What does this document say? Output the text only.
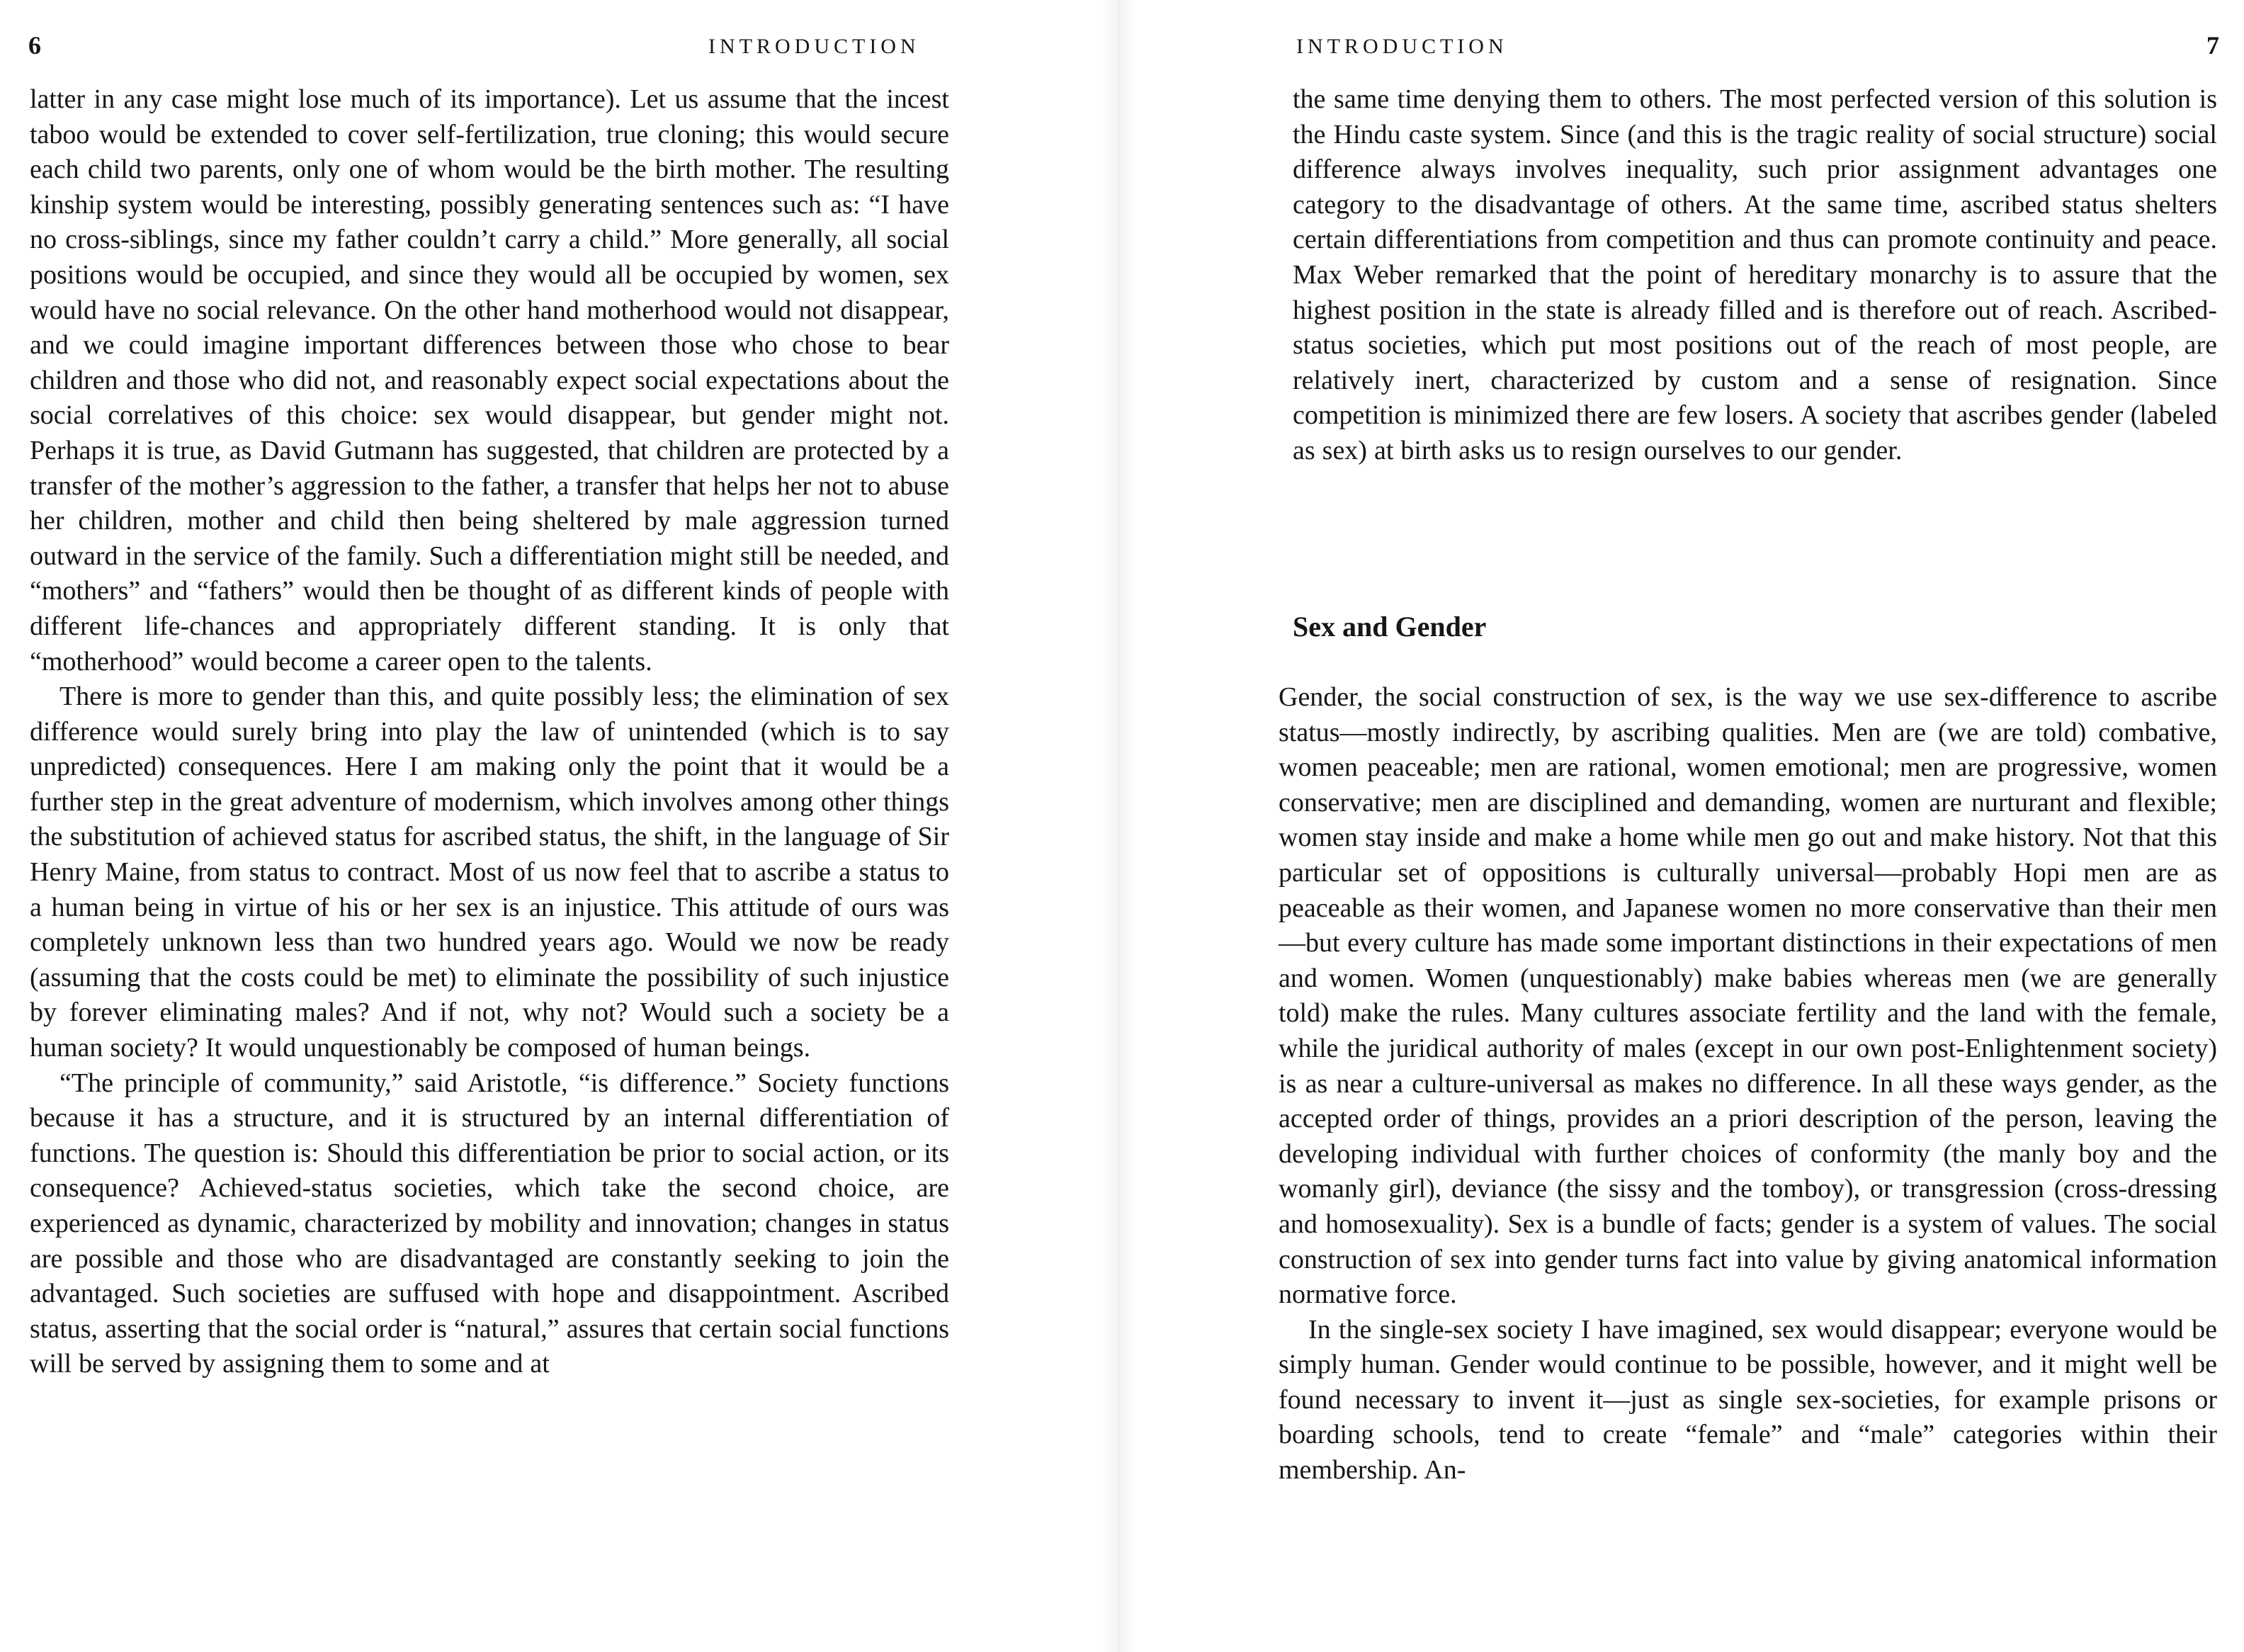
6	INTRODUCTION

latter in any case might lose much of its importance). Let us assume that the incest taboo would be extended to cover self-fertilization, true cloning; this would secure each child two parents, only one of whom would be the birth mother. The resulting kinship system would be interesting, possibly generating sentences such as: “I have no cross-siblings, since my father couldn’t carry a child.” More generally, all social positions would be occupied, and since they would all be occupied by women, sex would have no social relevance. On the other hand motherhood would not disappear, and we could imagine important differences between those who chose to bear children and those who did not, and reasonably expect social expectations about the social correlatives of this choice: sex would disappear, but gender might not. Perhaps it is true, as David Gutmann has suggested, that children are protected by a transfer of the mother’s aggression to the father, a transfer that helps her not to abuse her children, mother and child then being sheltered by male aggression turned outward in the service of the family. Such a differentiation might still be needed, and “mothers” and “fathers” would then be thought of as different kinds of people with different life-chances and appropriately different standing. It is only that “motherhood” would become a career open to the talents.

There is more to gender than this, and quite possibly less; the elimination of sex difference would surely bring into play the law of unintended (which is to say unpredicted) consequences. Here I am making only the point that it would be a further step in the great adventure of modernism, which involves among other things the substitution of achieved status for ascribed status, the shift, in the language of Sir Henry Maine, from status to contract. Most of us now feel that to ascribe a status to a human being in virtue of his or her sex is an injustice. This attitude of ours was completely unknown less than two hundred years ago. Would we now be ready (assuming that the costs could be met) to eliminate the possibility of such injustice by forever eliminating males? And if not, why not? Would such a society be a human society? It would unquestionably be composed of human beings.

“The principle of community,” said Aristotle, “is difference.” Society functions because it has a structure, and it is structured by an internal differentiation of functions. The question is: Should this differentiation be prior to social action, or its consequence? Achieved-status societies, which take the second choice, are experienced as dynamic, characterized by mobility and innovation; changes in status are possible and those who are disadvantaged are constantly seeking to join the advantaged. Such societies are suffused with hope and disappointment. Ascribed status, asserting that the social order is “natural,” assures that certain social functions will be served by assigning them to some and at

INTRODUCTION	7

the same time denying them to others. The most perfected version of this solution is the Hindu caste system. Since (and this is the tragic reality of social structure) social difference always involves inequality, such prior assignment advantages one category to the disadvantage of others. At the same time, ascribed status shelters certain differentiations from competition and thus can promote continuity and peace. Max Weber remarked that the point of hereditary monarchy is to assure that the highest position in the state is already filled and is therefore out of reach. Ascribed-status societies, which put most positions out of the reach of most people, are relatively inert, characterized by custom and a sense of resignation. Since competition is minimized there are few losers. A society that ascribes gender (labeled as sex) at birth asks us to resign ourselves to our gender.

Sex and Gender

Gender, the social construction of sex, is the way we use sex-difference to ascribe status—mostly indirectly, by ascribing qualities. Men are (we are told) combative, women peaceable; men are rational, women emotional; men are progressive, women conservative; men are disciplined and demanding, women are nurturant and flexible; women stay inside and make a home while men go out and make history. Not that this particular set of oppositions is culturally universal—probably Hopi men are as peaceable as their women, and Japanese women no more conservative than their men—but every culture has made some important distinctions in their expectations of men and women. Women (unquestionably) make babies whereas men (we are generally told) make the rules. Many cultures associate fertility and the land with the female, while the juridical authority of males (except in our own post-Enlightenment society) is as near a culture-universal as makes no difference. In all these ways gender, as the accepted order of things, provides an a priori description of the person, leaving the developing individual with further choices of conformity (the manly boy and the womanly girl), deviance (the sissy and the tomboy), or transgression (cross-dressing and homosexuality). Sex is a bundle of facts; gender is a system of values. The social construction of sex into gender turns fact into value by giving anatomical information normative force.

In the single-sex society I have imagined, sex would disappear; everyone would be simply human. Gender would continue to be possible, however, and it might well be found necessary to invent it—just as single sex-societies, for example prisons or boarding schools, tend to create “female” and “male” categories within their membership. An-
